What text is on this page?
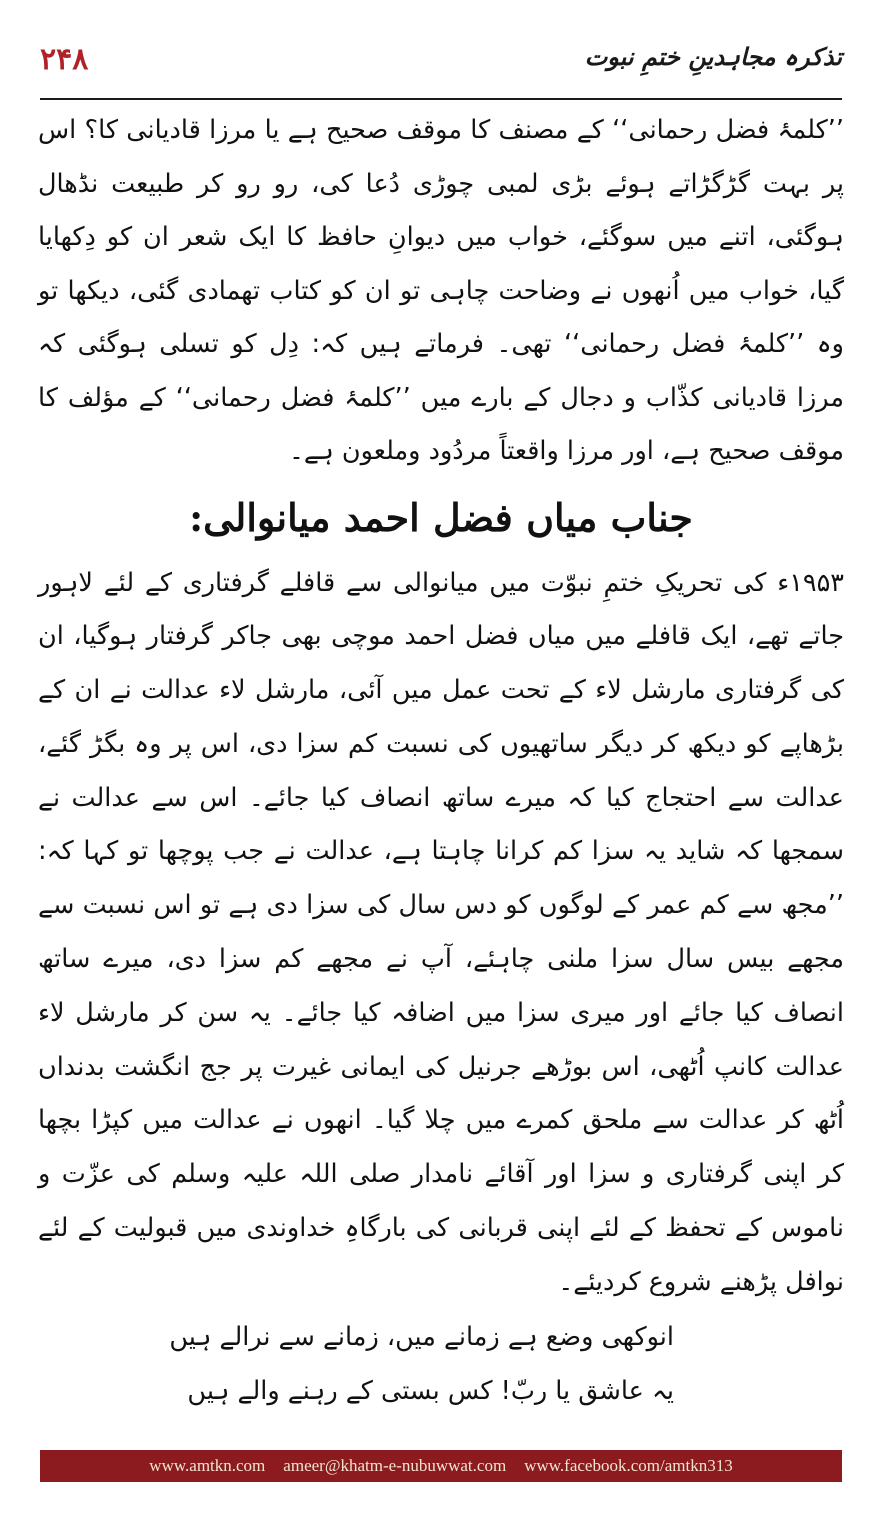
۲۴۸	تذکرہ مجاہدینِ ختمِ نبوت

’’کلمۂ فضل رحمانی‘‘ کے مصنف کا موقف صحیح ہے یا مرزا قادیانی کا؟ اس پر بہت گڑگڑاتے ہوئے بڑی لمبی چوڑی دُعا کی، رو رو کر طبیعت نڈھال ہوگئی، اتنے میں سوگئے، خواب میں دیوانِ حافظ کا ایک شعر ان کو دِکھایا گیا، خواب میں اُنھوں نے وضاحت چاہی تو ان کو کتاب تھمادی گئی، دیکھا تو وہ ’’کلمۂ فضل رحمانی‘‘ تھی۔ فرماتے ہیں کہ: دِل کو تسلی ہوگئی کہ مرزا قادیانی کذّاب و دجال کے بارے میں ’’کلمۂ فضل رحمانی‘‘ کے مؤلف کا موقف صحیح ہے، اور مرزا واقعتاً مردُود وملعون ہے۔

جناب میاں فضل احمد میانوالی:

۱۹۵۳ء کی تحریکِ ختمِ نبوّت میں میانوالی سے قافلے گرفتاری کے لئے لاہور جاتے تھے، ایک قافلے میں میاں فضل احمد موچی بھی جاکر گرفتار ہوگیا، ان کی گرفتاری مارشل لاء کے تحت عمل میں آئی، مارشل لاء عدالت نے ان کے بڑھاپے کو دیکھ کر دیگر ساتھیوں کی نسبت کم سزا دی، اس پر وہ بگڑ گئے، عدالت سے احتجاج کیا کہ میرے ساتھ انصاف کیا جائے۔ اس سے عدالت نے سمجھا کہ شاید یہ سزا کم کرانا چاہتا ہے، عدالت نے جب پوچھا تو کہا کہ: ’’مجھ سے کم عمر کے لوگوں کو دس سال کی سزا دی ہے تو اس نسبت سے مجھے بیس سال سزا ملنی چاہئے، آپ نے مجھے کم سزا دی، میرے ساتھ انصاف کیا جائے اور میری سزا میں اضافہ کیا جائے۔ یہ سن کر مارشل لاء عدالت کانپ اُٹھی، اس بوڑھے جرنیل کی ایمانی غیرت پر جج انگشت بدنداں اُٹھ کر عدالت سے ملحق کمرے میں چلا گیا۔ انھوں نے عدالت میں کپڑا بچھا کر اپنی گرفتاری و سزا اور آقائے نامدار صلی اللہ علیہ وسلم کی عزّت و ناموس کے تحفظ کے لئے اپنی قربانی کی بارگاہِ خداوندی میں قبولیت کے لئے نوافل پڑھنے شروع کردیئے۔

انوکھی وضع ہے زمانے میں، زمانے سے نرالے ہیں
یہ عاشق یا ربّ! کس بستی کے رہنے والے ہیں
www.amtkn.com ameer@khatm-e-nubuwwat.com www.facebook.com/amtkn313
